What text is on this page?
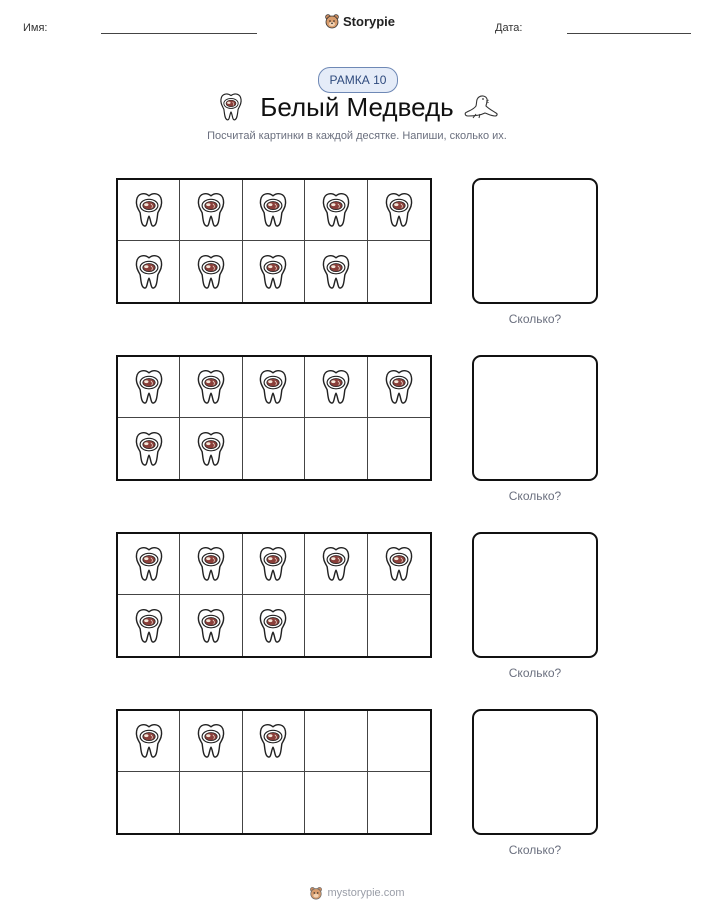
Имя:	Storypie	Дата:
РАМКА 10
Белый Медведь
Посчитай картинки в каждой десятке. Напиши, сколько их.
Сколько?
Сколько?
Сколько?
Сколько?
mystorypie.com
